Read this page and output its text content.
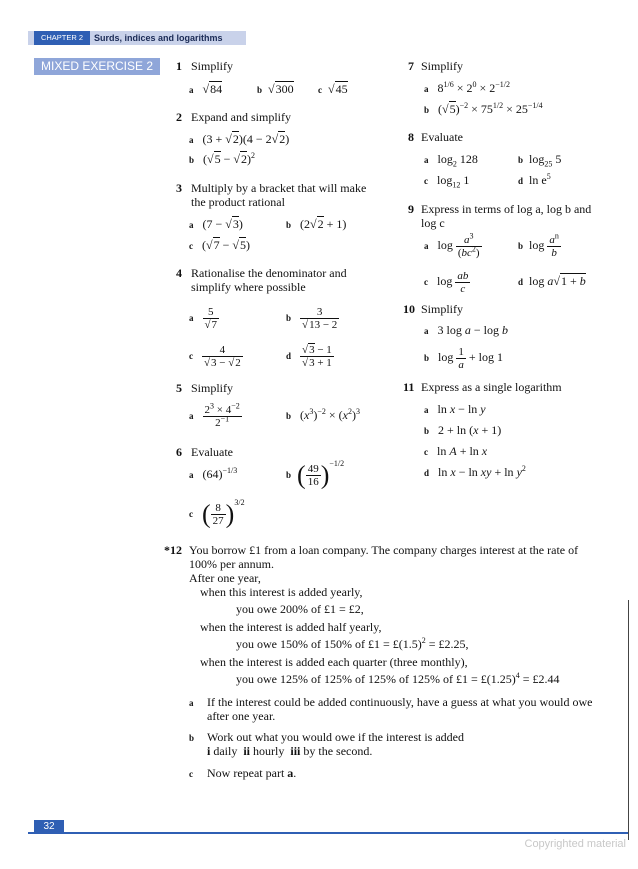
CHAPTER 2	Surds, indices and logarithms
MIXED EXERCISE 2	1 Simplify
a   √84	b  √300	c  √45
2 Expand and simplify
a   (3 + √2)(4 − 2√2)
b   $(√5 - √2)^2$
3 Multiply by a bracket that will make
the product rational
a   (7 − √3)	b   (2√2 + 1)
c   (√7 − √5)
4 Rationalise the denominator and
simplify where possible
a $\frac{5}{√7}$	b $\frac{3}{√13 - 2}$
c $\frac{4}{√3 - √2}$	d $\frac{√3 - 1}{√3 + 1}$
5 Simplify
a $\frac{2^3 \times 4^{-2}}{2^{-1}}$	b   $(x^3)^{-2} \times (x^2)^3$
6 Evaluate
a   $(64)^{-1/3}$	b ( $\frac{49}{16} )^{-1/2}$
c ( $\frac{8}{27} )^{3/2}$
7 Simplify
a   $8^{1/6} \times 2^0 \times 2^{-1/2}$
b   $(√5)^{-2} \times 75^{1/2} \times 25^{-1/4}$
8 Evaluate
a   $\log_2 128$	b  $\log_{25} 5$
c   $\log_{12} 1$	d  $\ln e^5$
9 Express in terms of log a, log b and
log c
a   $\log \frac{a^3}{(bc^2)}$	b  $\log \frac{a^n}{b}$
c   $\log \frac{ab}{c}$	d  log a√1 + b
10 Simplify
a   3 log a − log b
b   $\log \frac{1}{a} + \log 1$
11 Express as a single logarithm
a   ln x − ln y
b   2 + ln (x + 1)
c   ln A + ln x
d   ln x − ln xy + $\ln y^2$
*12 You borrow £1 from a loan company. The company charges interest at the rate of
100% per annum.
After one year,
when this interest is added yearly,
you owe 200% of £1 = £2,
when the interest is added half yearly,
you owe 150% of 150% of £1 = $£(1.5)^2$ = £2.25,
when the interest is added each quarter (three monthly),
you owe 125% of 125% of 125% of 125% of £1 = $£(1.25)^4$ = £2.44
a If the interest could be added continuously, have a guess at what you would owe
after one year.
b Work out what you would owe if the interest is added
i daily ii hourly iii by the second.
c Now repeat part a.
32
Copyrighted material
